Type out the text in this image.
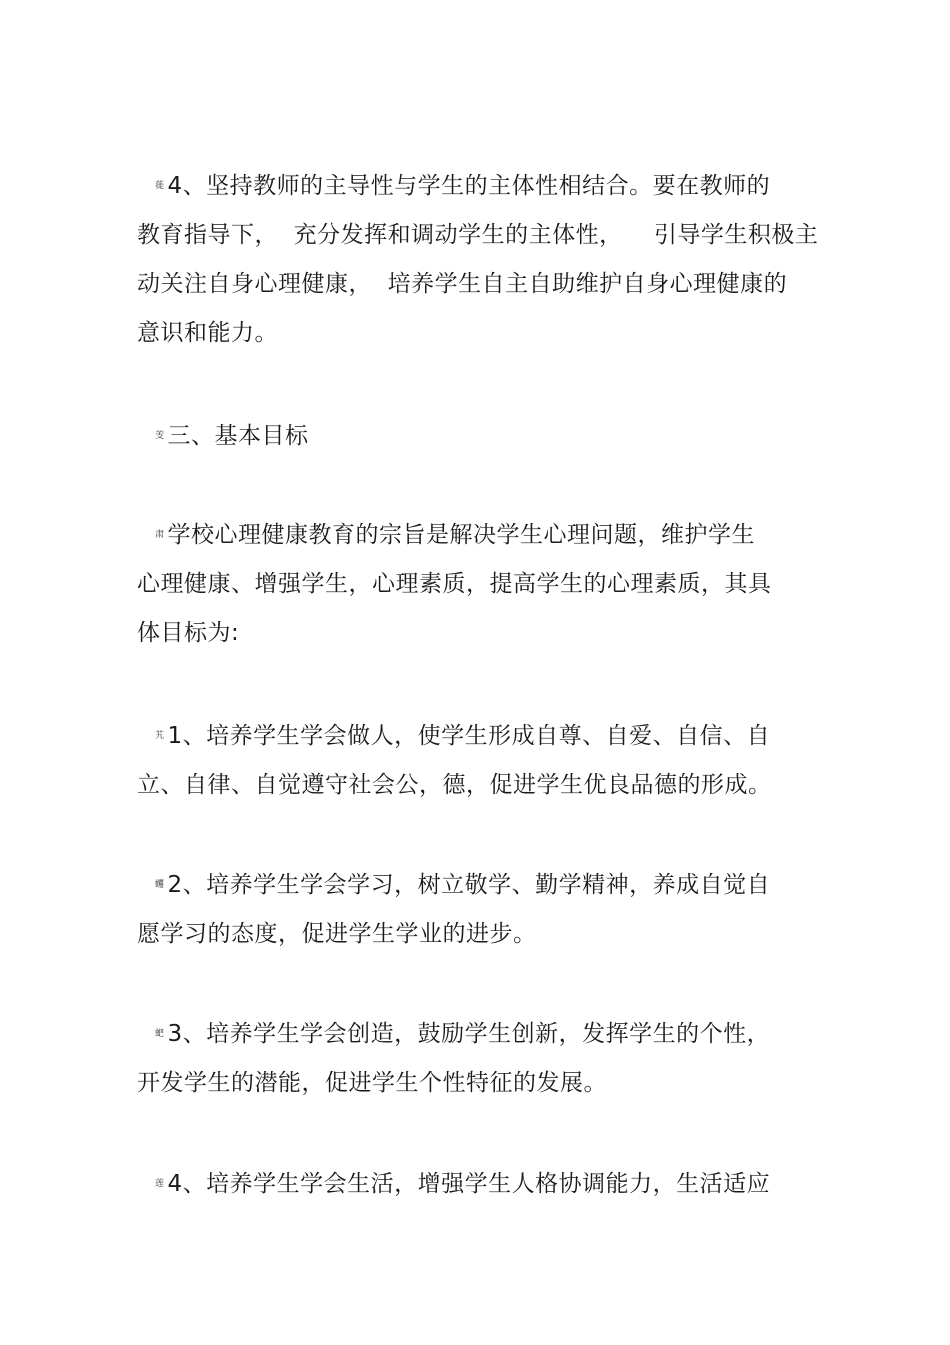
蓰 4、坚持教师的主导性与学生的主体性相结合。要在教师的
教育指导下，  充分发挥和调动学生的主体性，    引导学生积极主
动关注自身心理健康，  培养学生自主自助维护自身心理健康的
意识和能力。
芰 三、基本目标
肃 学校心理健康教育的宗旨是解决学生心理问题，维护学生
心理健康、增强学生，心理素质，提高学生的心理素质，其具
体目标为:
艽 1、培养学生学会做人，使学生形成自尊、自爱、自信、自
立、自律、自觉遵守社会公，德，促进学生优良品德的形成。
蠼 2、培养学生学会学习，树立敬学、勤学精神，养成自觉自
愿学习的态度，促进学生学业的进步。
蚆 3、培养学生学会创造，鼓励学生创新，发挥学生的个性，
开发学生的潜能，促进学生个性特征的发展。
莲 4、培养学生学会生活，增强学生人格协调能力，生活适应
